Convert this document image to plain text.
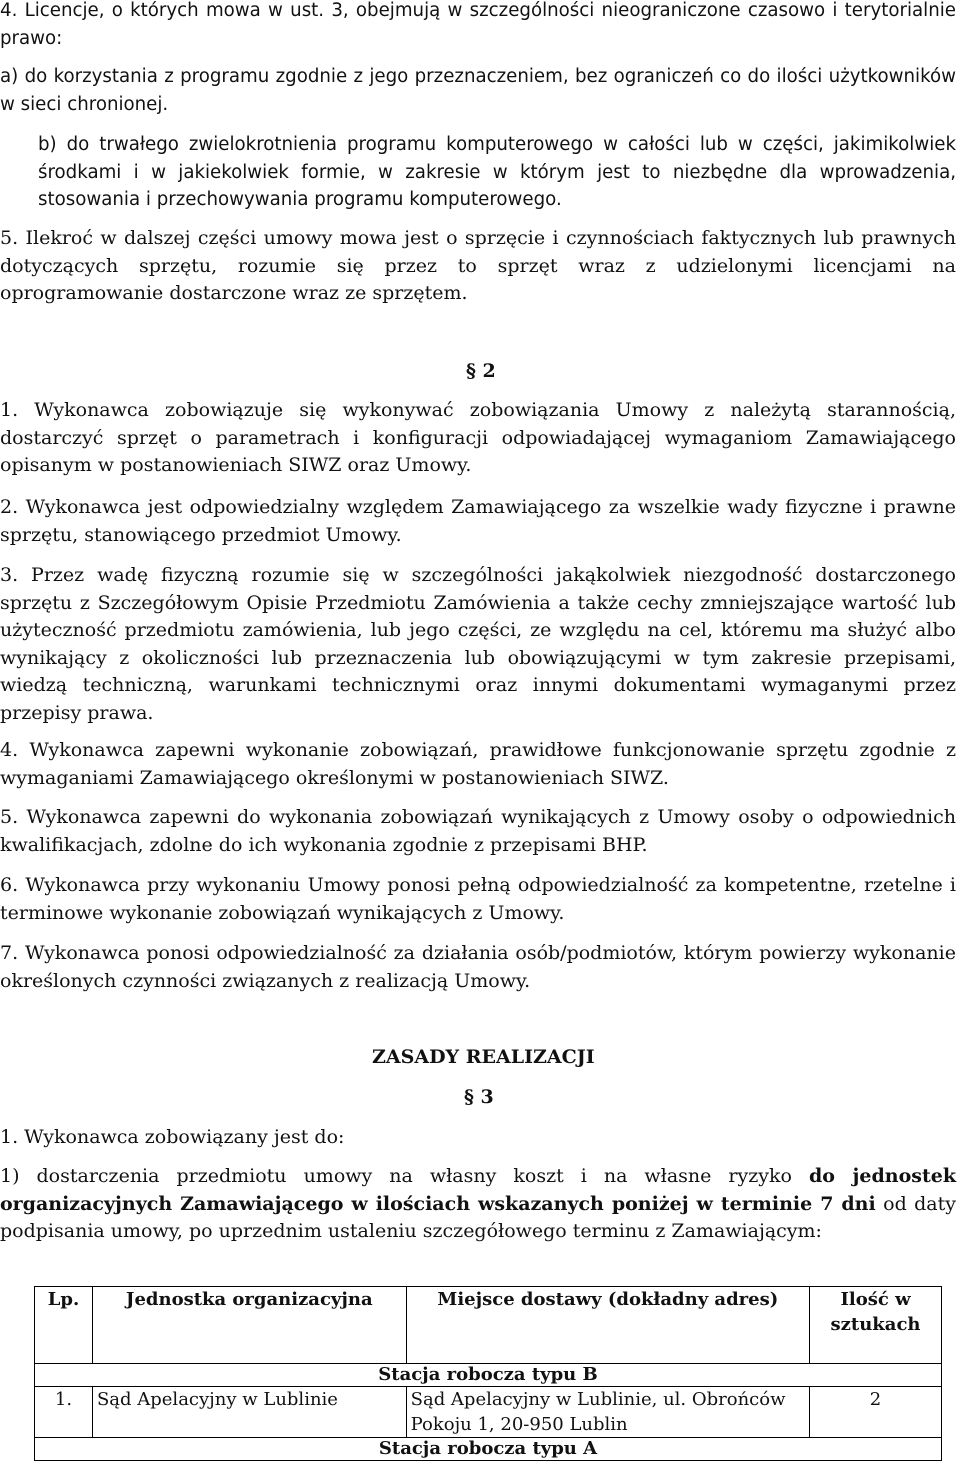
4. Licencje, o których mowa w ust. 3, obejmują w szczególności nieograniczone czasowo i terytorialnie prawo:
a) do korzystania z programu zgodnie z jego przeznaczeniem, bez ograniczeń co do ilości użytkowników w sieci chronionej.
b) do trwałego zwielokrotnienia programu komputerowego w całości lub w części, jakimikolwiek środkami i w jakiekolwiek formie, w zakresie w którym jest to niezbędne dla wprowadzenia, stosowania i przechowywania programu komputerowego.
5. Ilekroć w dalszej części umowy mowa jest o sprzęcie i czynnościach faktycznych lub prawnych dotyczących sprzętu, rozumie się przez to sprzęt wraz z udzielonymi licencjami na oprogramowanie dostarczone wraz ze sprzętem.
§ 2
1. Wykonawca zobowiązuje się wykonywać zobowiązania Umowy z należytą starannością, dostarczyć sprzęt o parametrach i konfiguracji odpowiadającej wymaganiom Zamawiającego opisanym w postanowieniach SIWZ oraz Umowy.
2. Wykonawca jest odpowiedzialny względem Zamawiającego za wszelkie wady fizyczne i prawne sprzętu, stanowiącego przedmiot Umowy.
3. Przez wadę fizyczną rozumie się w szczególności jakąkolwiek niezgodność dostarczonego sprzętu z Szczegółowym Opisie Przedmiotu Zamówienia a także cechy zmniejszające wartość lub użyteczność przedmiotu zamówienia, lub jego części, ze względu na cel, któremu ma służyć albo wynikający z okoliczności lub przeznaczenia lub obowiązującymi w tym zakresie przepisami, wiedzą techniczną, warunkami technicznymi oraz innymi dokumentami wymaganymi przez przepisy prawa.
4. Wykonawca zapewni wykonanie zobowiązań, prawidłowe funkcjonowanie sprzętu zgodnie z wymaganiami Zamawiającego określonymi w postanowieniach SIWZ.
5. Wykonawca zapewni do wykonania zobowiązań wynikających z Umowy osoby o odpowiednich kwalifikacjach, zdolne do ich wykonania zgodnie z przepisami BHP.
6. Wykonawca przy wykonaniu Umowy ponosi pełną odpowiedzialność za kompetentne, rzetelne i terminowe wykonanie zobowiązań wynikających z Umowy.
7. Wykonawca ponosi odpowiedzialność za działania osób/podmiotów, którym powierzy wykonanie określonych czynności związanych z realizacją Umowy.
ZASADY REALIZACJI
§ 3
1. Wykonawca zobowiązany jest do:
1) dostarczenia przedmiotu umowy na własny koszt i na własne ryzyko do jednostek organizacyjnych Zamawiającego w ilościach wskazanych poniżej w terminie 7 dni od daty podpisania umowy, po uprzednim ustaleniu szczegółowego terminu z Zamawiającym:
Lp.	Jednostka organizacyjna	Miejsce dostawy (dokładny adres)	Ilość w sztukach
Stacja robocza typu B			
1.	Sąd Apelacyjny w Lublinie	Sąd Apelacyjny w Lublinie, ul. Obrońców Pokoju 1, 20-950 Lublin	2
Stacja robocza typu A			
